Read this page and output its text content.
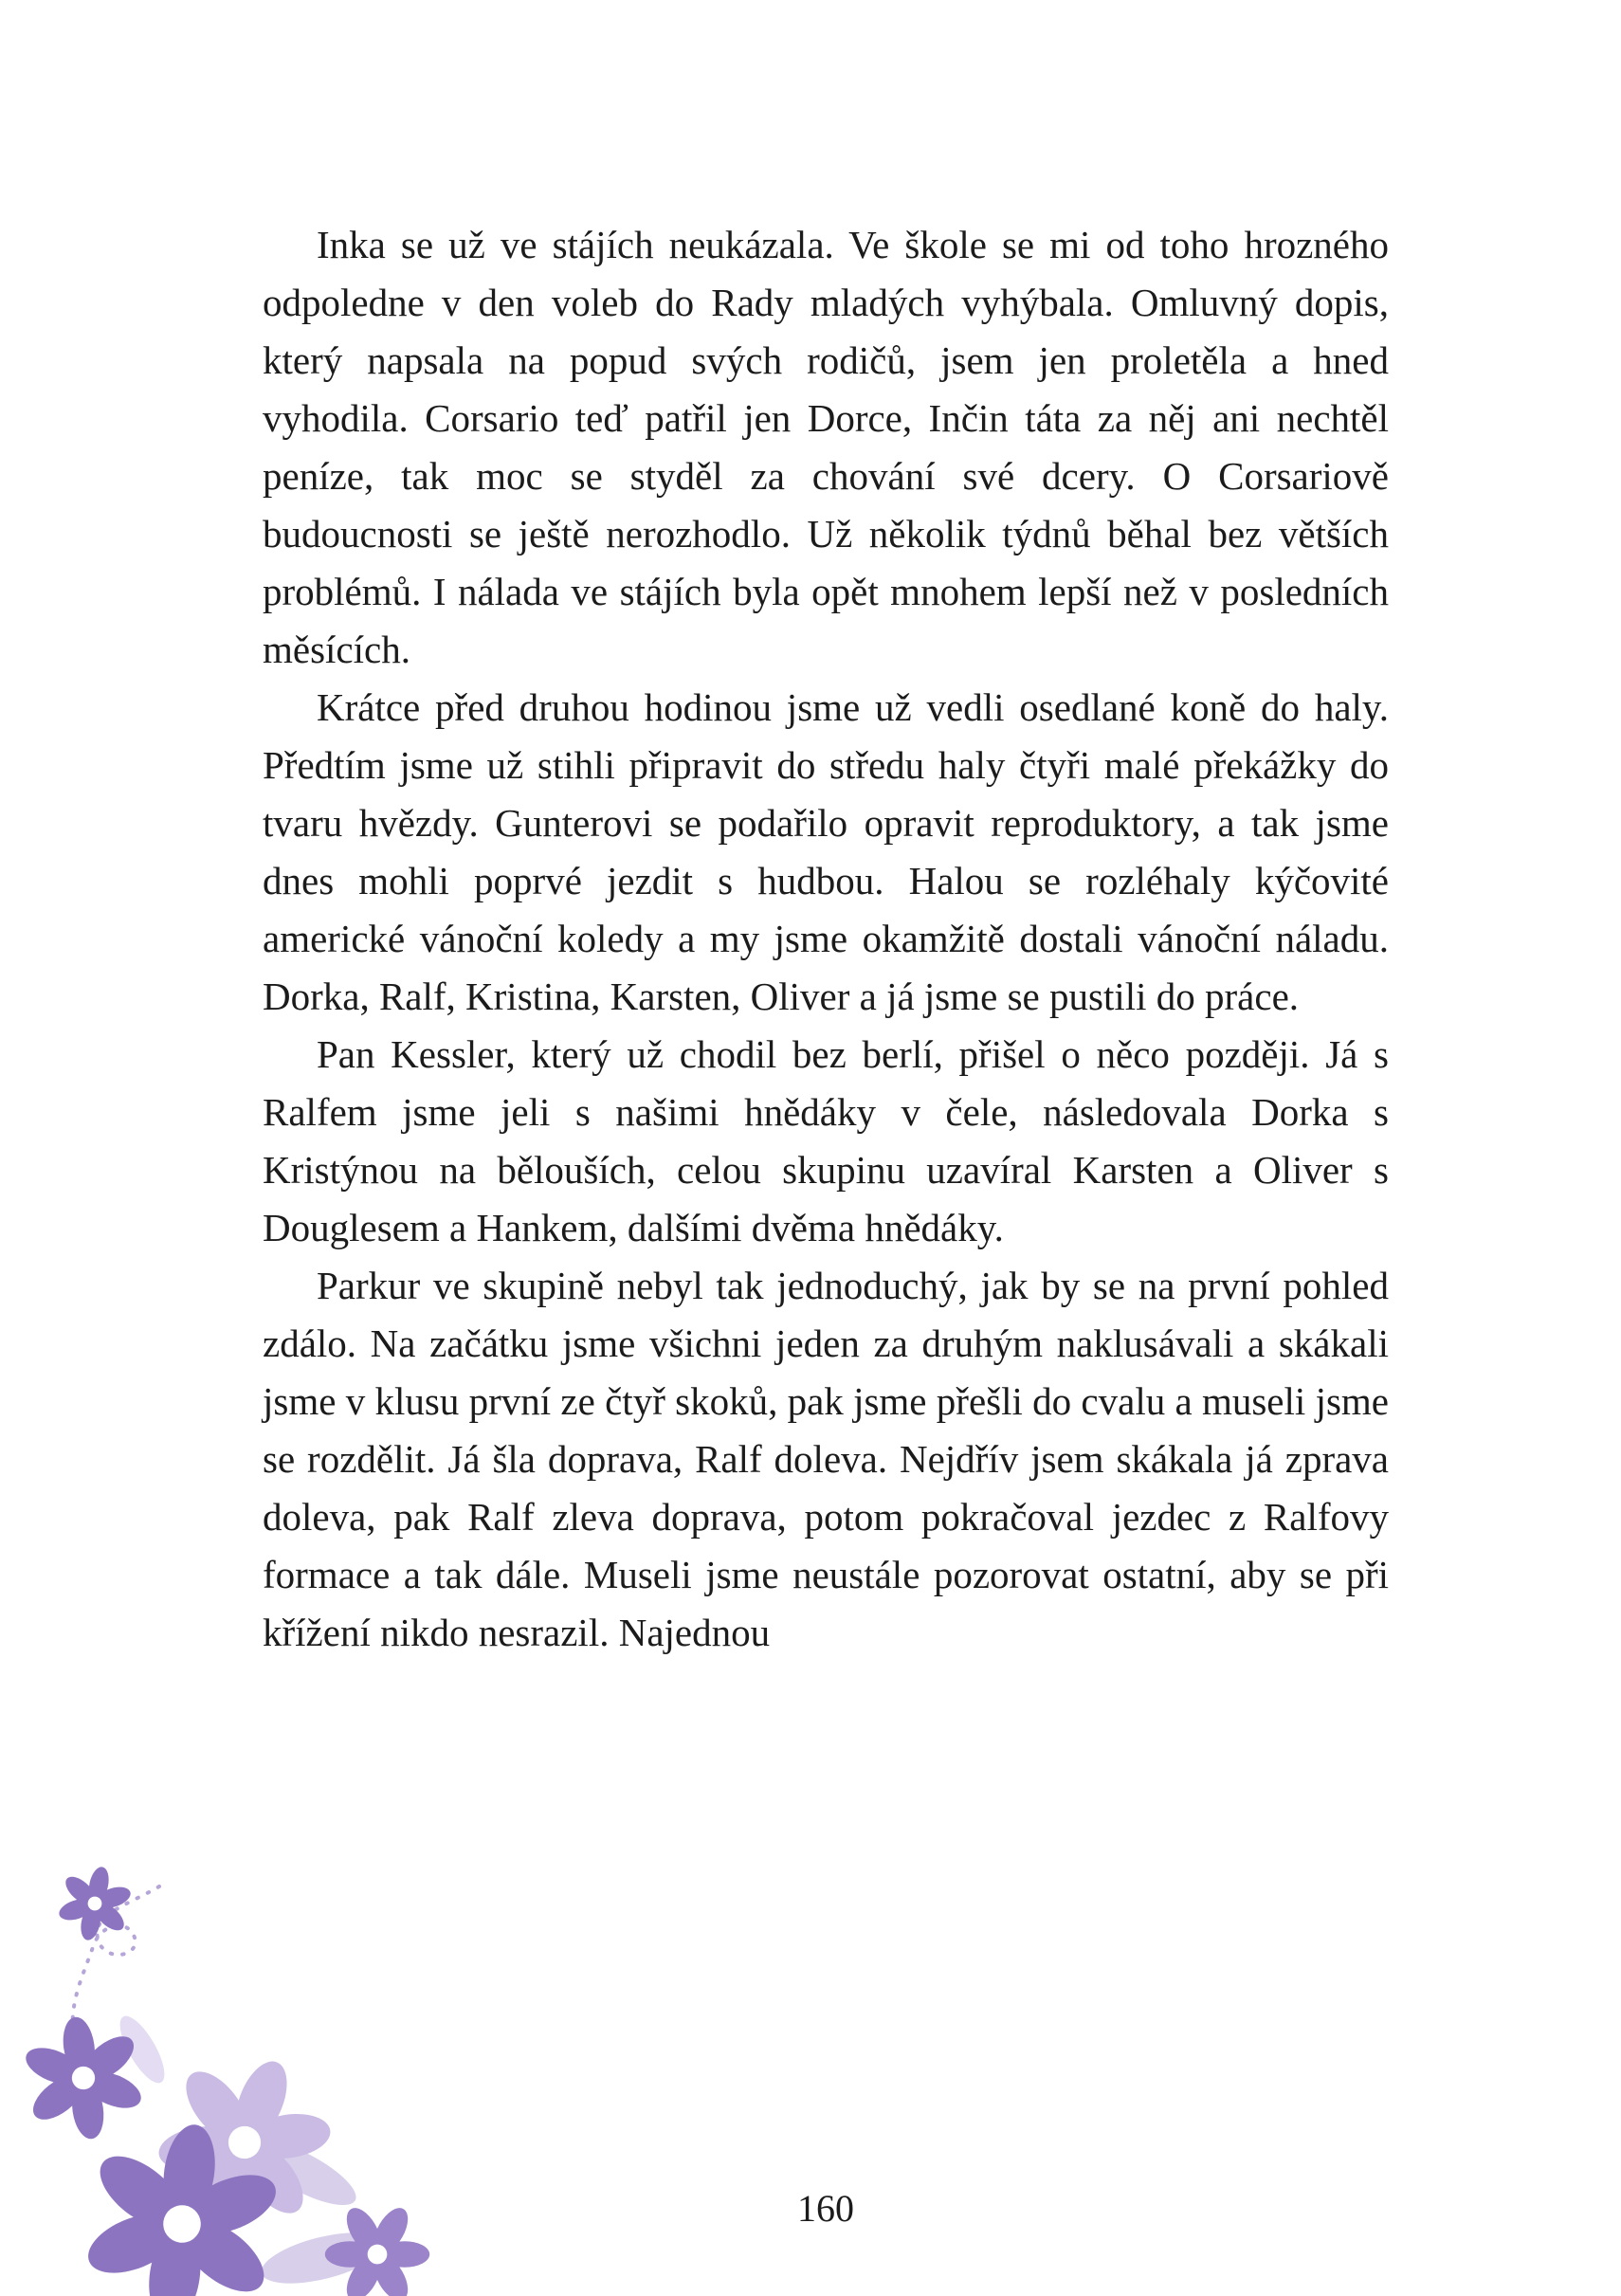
Inka se už ve stájích neukázala. Ve škole se mi od toho hrozného odpoledne v den voleb do Rady mladých vyhýbala. Omluvný dopis, který napsala na popud svých rodičů, jsem jen proletěla a hned vyhodila. Corsario teď patřil jen Dorce, Inčin táta za něj ani nechtěl peníze, tak moc se styděl za chování své dcery. O Corsariově budoucnosti se ještě nerozhodlo. Už několik týdnů běhal bez větších problémů. I nálada ve stájích byla opět mnohem lepší než v posledních měsících.

Krátce před druhou hodinou jsme už vedli osedlané koně do haly. Předtím jsme už stihli připravit do středu haly čtyři malé překážky do tvaru hvězdy. Gunterovi se podařilo opravit reproduktory, a tak jsme dnes mohli poprvé jezdit s hudbou. Halou se rozléhaly kýčovité americké vánoční koledy a my jsme okamžitě dostali vánoční náladu. Dorka, Ralf, Kristina, Karsten, Oliver a já jsme se pustili do práce.

Pan Kessler, který už chodil bez berlí, přišel o něco později. Já s Ralfem jsme jeli s našimi hnědáky v čele, následovala Dorka s Kristýnou na bělouších, celou skupinu uzavíral Karsten a Oliver s Douglesem a Hankem, dalšími dvěma hnědáky.

Parkur ve skupině nebyl tak jednoduchý, jak by se na první pohled zdálo. Na začátku jsme všichni jeden za druhým naklusávali a skákali jsme v klusu první ze čtyř skoků, pak jsme přešli do cvalu a museli jsme se rozdělit. Já šla doprava, Ralf doleva. Nejdřív jsem skákala já zprava doleva, pak Ralf zleva doprava, potom pokračoval jezdec z Ralfovy formace a tak dále. Museli jsme neustále pozorovat ostatní, aby se při křížení nikdo nesrazil. Najednou

160
